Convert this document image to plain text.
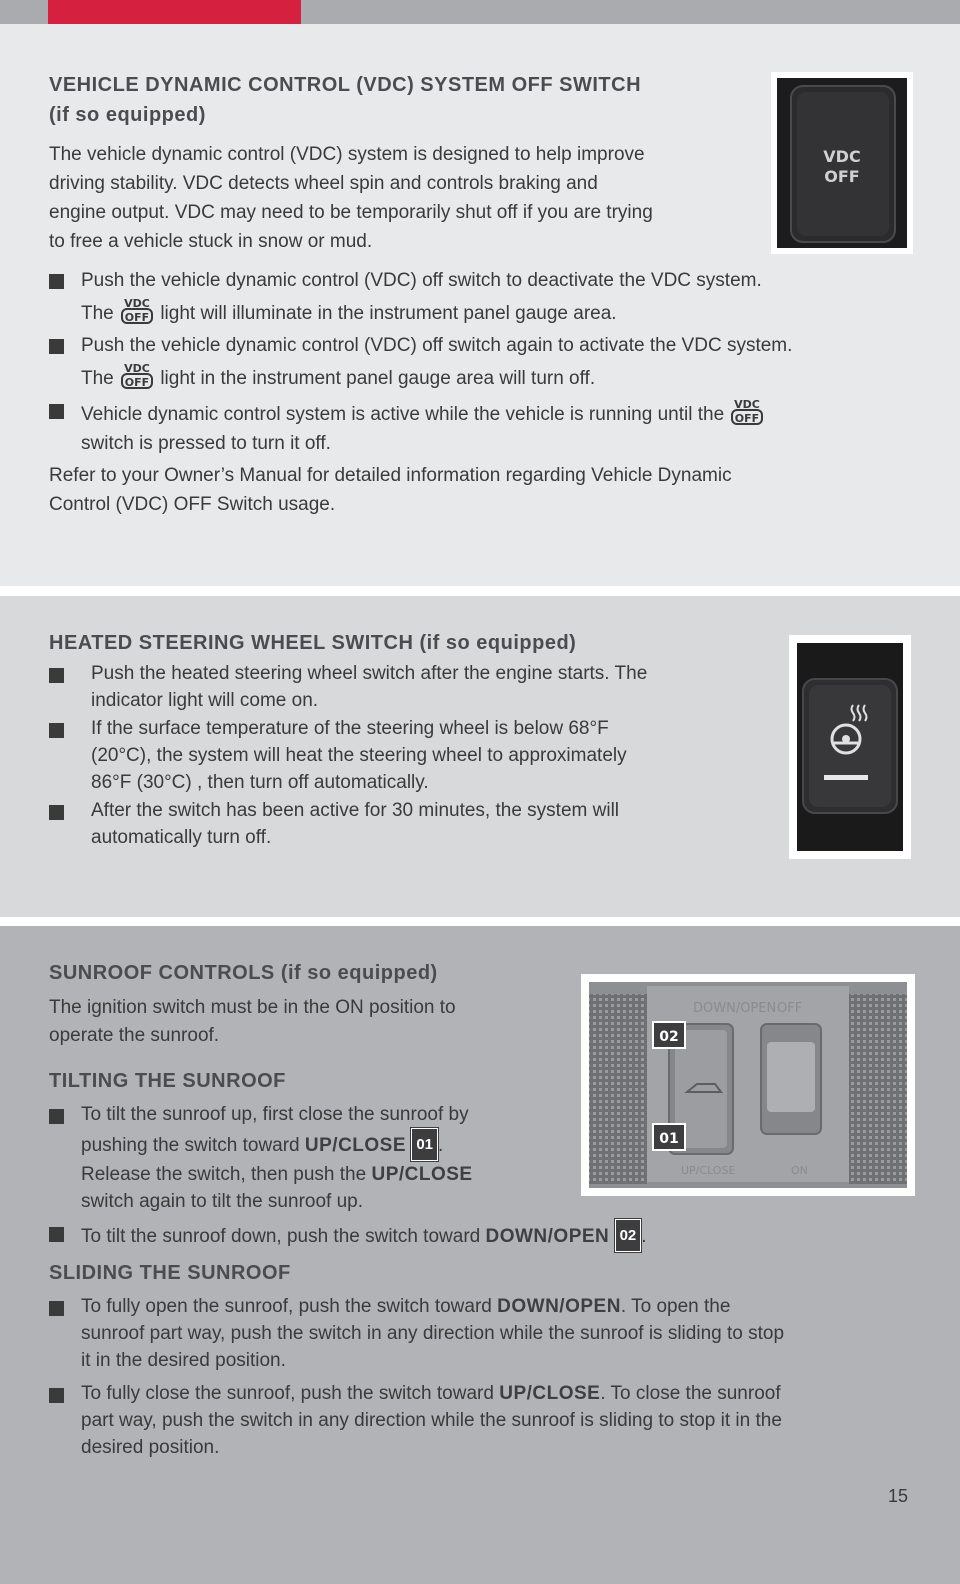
VEHICLE DYNAMIC CONTROL (VDC) SYSTEM OFF SWITCH
(if so equipped)
The vehicle dynamic control (VDC) system is designed to help improve
driving stability. VDC detects wheel spin and controls braking and
engine output. VDC may need to be temporarily shut off if you are trying
to free a vehicle stuck in snow or mud.
Push the vehicle dynamic control (VDC) off switch to deactivate the VDC system.
The VDC
OFF light will illuminate in the instrument panel gauge area.
Push the vehicle dynamic control (VDC) off switch again to activate the VDC system.
The VDC
OFF light in the instrument panel gauge area will turn off.
Vehicle dynamic control system is active while the vehicle is running until the VDC
OFF
switch is pressed to turn it off.
Refer to your Owner’s Manual for detailed information regarding Vehicle Dynamic
Control (VDC) OFF Switch usage.
VDC
OFF
HEATED STEERING WHEEL SWITCH (if so equipped)
Push the heated steering wheel switch after the engine starts. The
indicator light will come on.
If the surface temperature of the steering wheel is below 68°F
(20°C), the system will heat the steering wheel to approximately
86°F (30°C) , then turn off automatically.
After the switch has been active for 30 minutes, the system will
automatically turn off.
SUNROOF CONTROLS (if so equipped)
The ignition switch must be in the ON position to
operate the sunroof.
TILTING THE SUNROOF
To tilt the sunroof up, first close the sunroof by
pushing the switch toward UP/CLOSE 01 .
Release the switch, then push the UP/CLOSE
switch again to tilt the sunroof up.
To tilt the sunroof down, push the switch toward DOWN/OPEN 02 .
SLIDING THE SUNROOF
To fully open the sunroof, push the switch toward DOWN/OPEN. To open the
sunroof part way, push the switch in any direction while the sunroof is sliding to stop
it in the desired position.
To fully close the sunroof, push the switch toward UP/CLOSE. To close the sunroof
part way, push the switch in any direction while the sunroof is sliding to stop it in the
desired position.
DOWN/OPEN OFF
UP/CLOSE	ON
02
01
15
